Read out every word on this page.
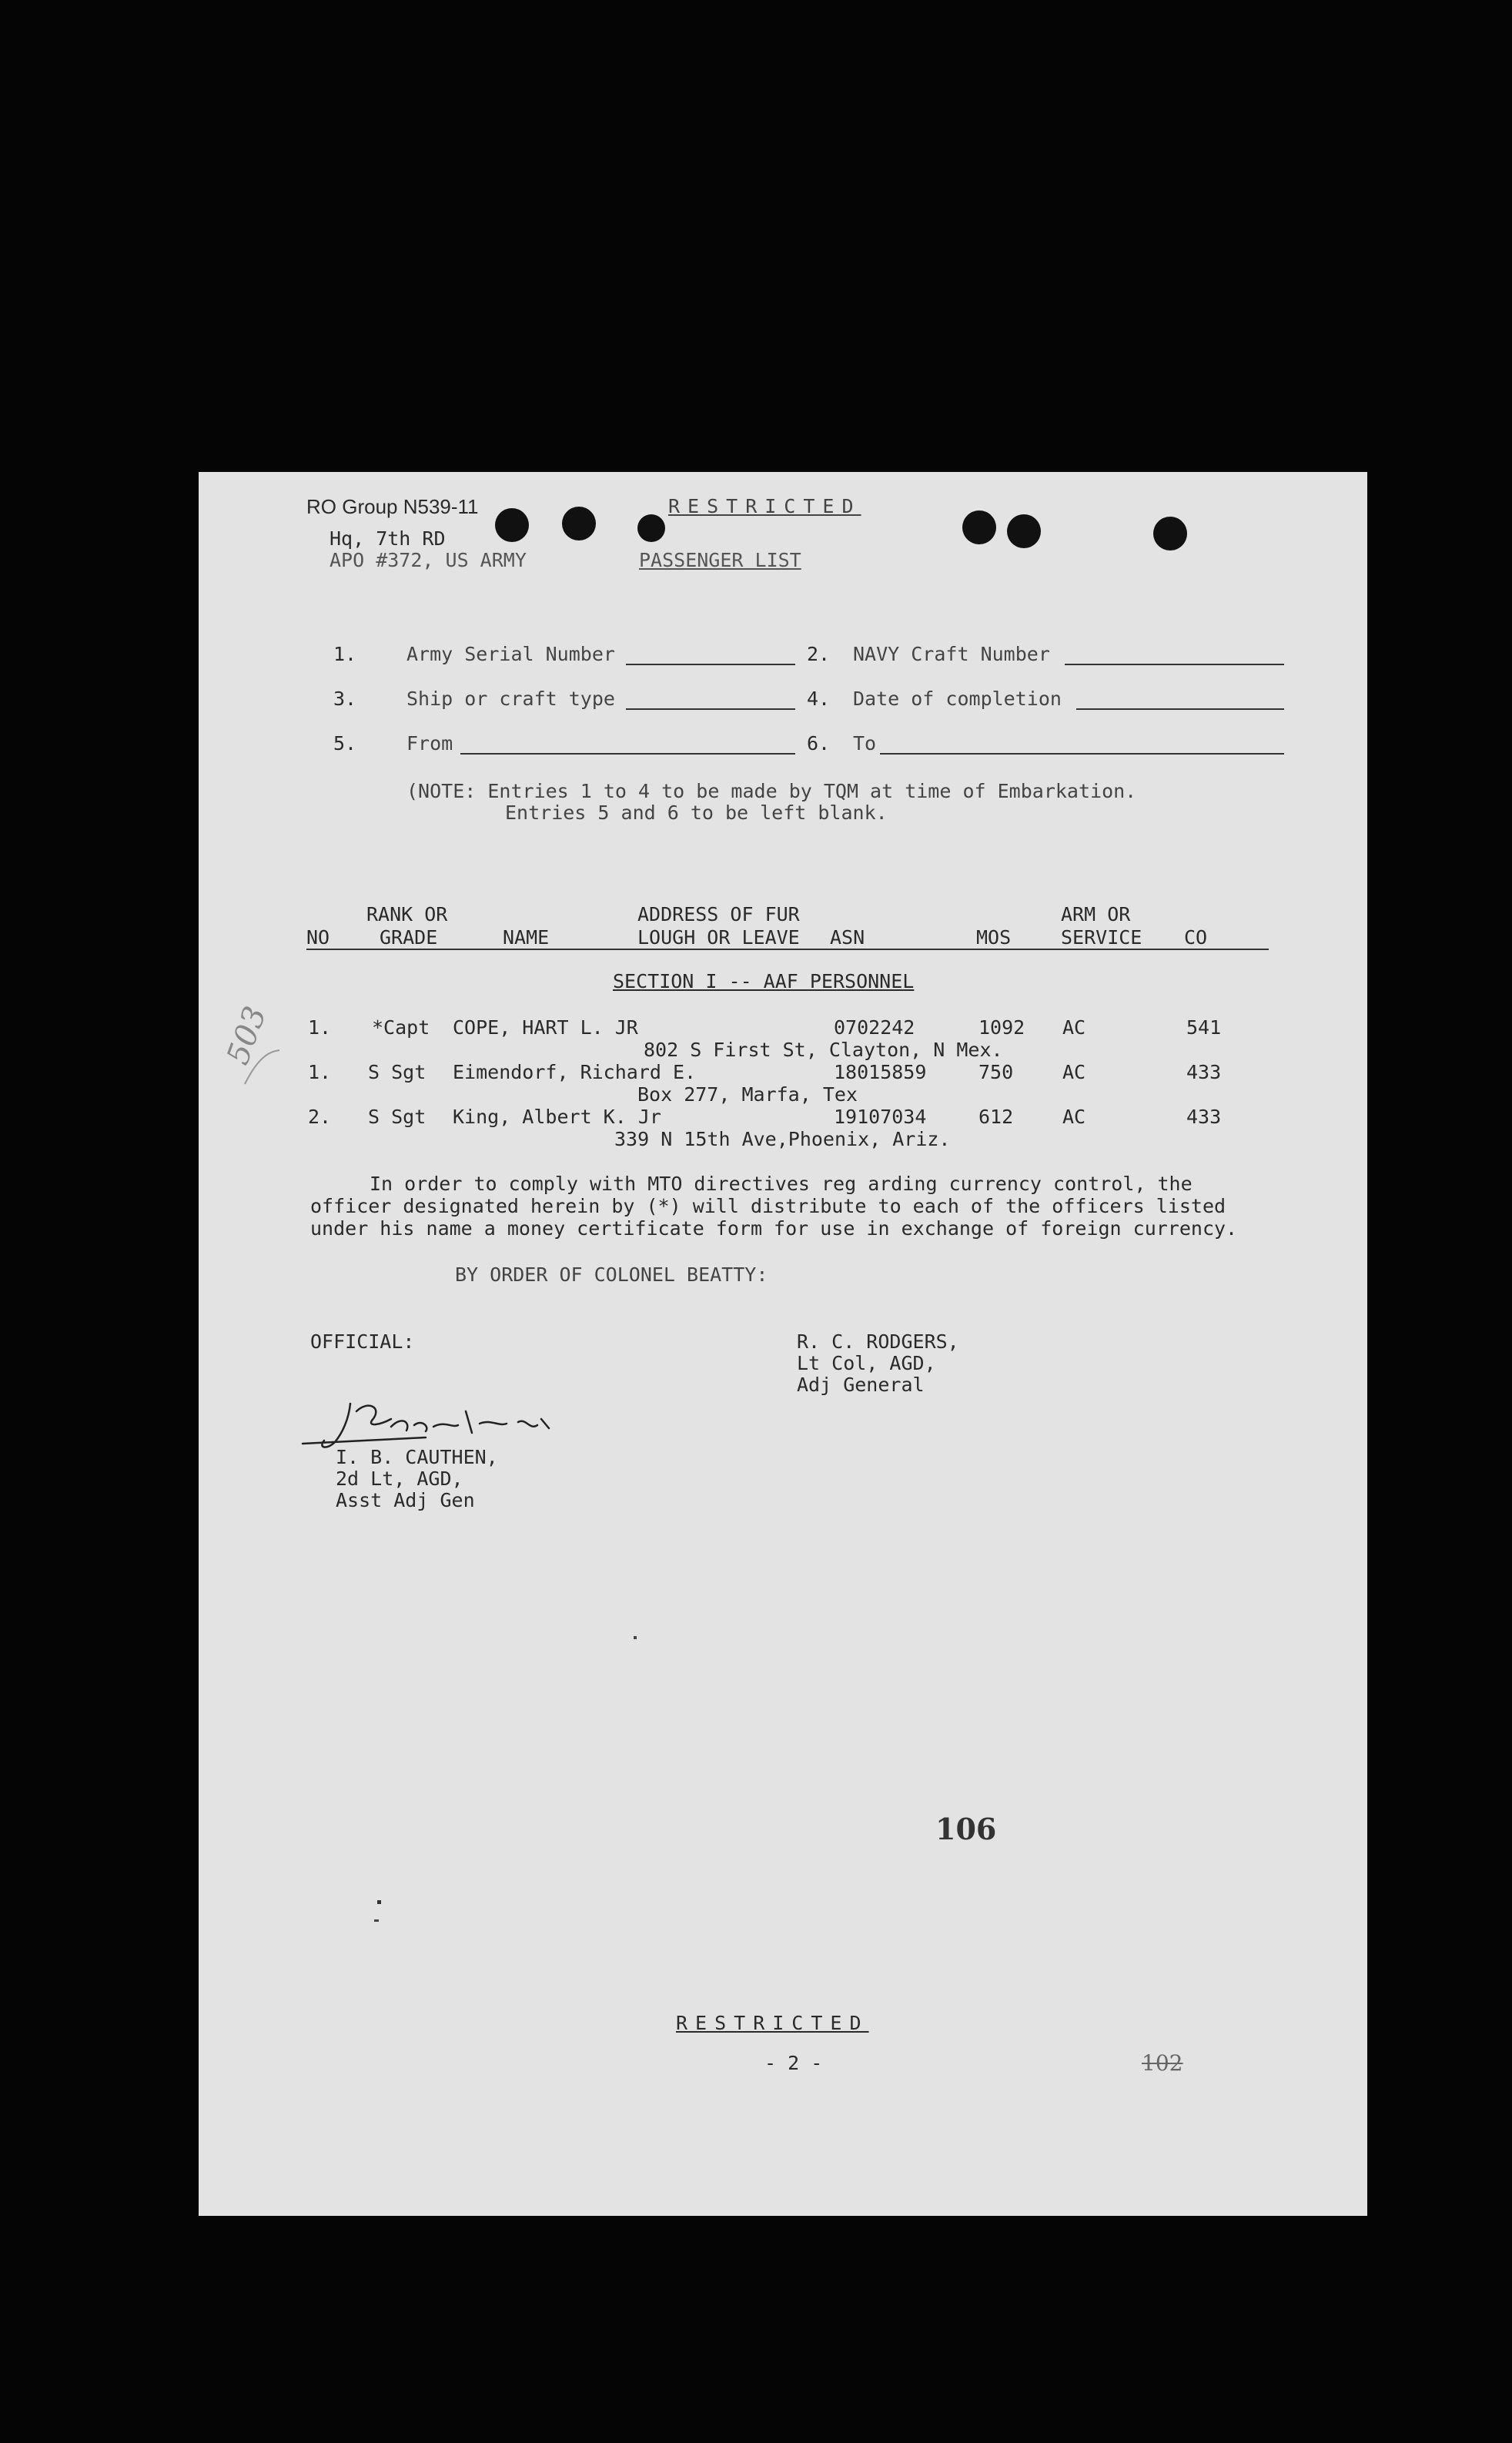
RO Group N539-11
Hq, 7th RD
APO #372, US ARMY
RESTRICTED
PASSENGER LIST
1.	Army Serial Number	2. NAVY Craft Number
3.	Ship or craft type	4. Date of completion
5.	From	6. To
(NOTE: Entries 1 to 4 to be made by TQM at time of Embarkation.
Entries 5 and 6 to be left blank.
RANK OR	ADDRESS OF FUR	ARM OR
NO	GRADE	NAME	LOUGH OR LEAVE ASN	MOS	SERVICE CO
SECTION I -- AAF PERSONNEL
1. *Capt COPE, HART L. JR	0702242	1092 AC	541
802 S First St, Clayton, N Mex.
1. S Sgt Eimendorf, Richard E.	18015859	750	AC	433
Box 277, Marfa, Tex
2. S Sgt King, Albert K. Jr	19107034	612	AC	433
339 N 15th Ave,Phoenix, Ariz.
503
In order to comply with MTO directives reg arding currency control, the
officer designated herein by (*) will distribute to each of the officers listed
under his name a money certificate form for use in exchange of foreign currency.
BY ORDER OF COLONEL BEATTY:
OFFICIAL:	R. C. RODGERS,
Lt Col, AGD,
Adj General
I. B. CAUTHEN,
2d Lt, AGD,
Asst Adj Gen
106
RESTRICTED
- 2 -	102
